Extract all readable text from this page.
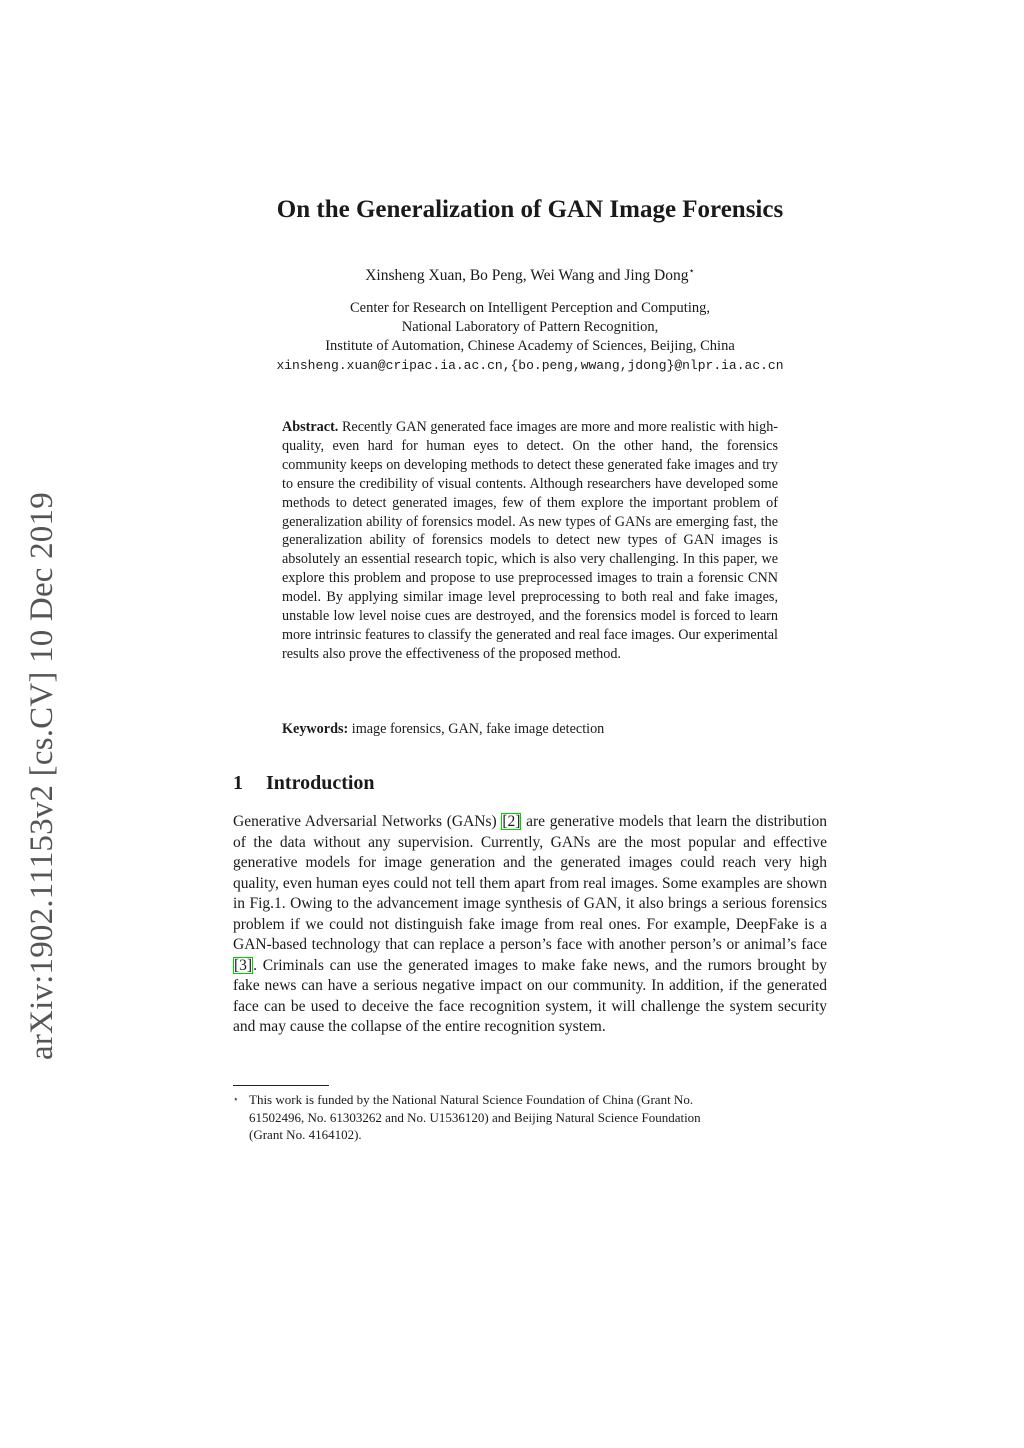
arXiv:1902.11153v2 [cs.CV] 10 Dec 2019
On the Generalization of GAN Image Forensics
Xinsheng Xuan, Bo Peng, Wei Wang and Jing Dong⋆
Center for Research on Intelligent Perception and Computing,
National Laboratory of Pattern Recognition,
Institute of Automation, Chinese Academy of Sciences, Beijing, China
xinsheng.xuan@cripac.ia.ac.cn,{bo.peng,wwang,jdong}@nlpr.ia.ac.cn
Abstract. Recently GAN generated face images are more and more realistic with high-quality, even hard for human eyes to detect. On the other hand, the forensics community keeps on developing methods to detect these generated fake images and try to ensure the credibility of visual contents. Although researchers have developed some methods to detect generated images, few of them explore the important problem of generalization ability of forensics model. As new types of GANs are emerging fast, the generalization ability of forensics models to detect new types of GAN images is absolutely an essential research topic, which is also very challenging. In this paper, we explore this problem and propose to use preprocessed images to train a forensic CNN model. By applying similar image level preprocessing to both real and fake images, unstable low level noise cues are destroyed, and the forensics model is forced to learn more intrinsic features to classify the generated and real face images. Our experimental results also prove the effectiveness of the proposed method.
Keywords: image forensics, GAN, fake image detection
1 Introduction

Generative Adversarial Networks (GANs) [2] are generative models that learn the distribution of the data without any supervision. Currently, GANs are the most popular and effective generative models for image generation and the generated images could reach very high quality, even human eyes could not tell them apart from real images. Some examples are shown in Fig.1. Owing to the advancement image synthesis of GAN, it also brings a serious forensics problem if we could not distinguish fake image from real ones. For example, DeepFake is a GAN-based technology that can replace a person’s face with another person’s or animal’s face [3]. Criminals can use the generated images to make fake news, and the rumors brought by fake news can have a serious negative impact on our community. In addition, if the generated face can be used to deceive the face recognition system, it will challenge the system security and may cause the collapse of the entire recognition system.

⋆ This work is funded by the National Natural Science Foundation of China (Grant No.
61502496, No. 61303262 and No. U1536120) and Beijing Natural Science Foundation
(Grant No. 4164102).
